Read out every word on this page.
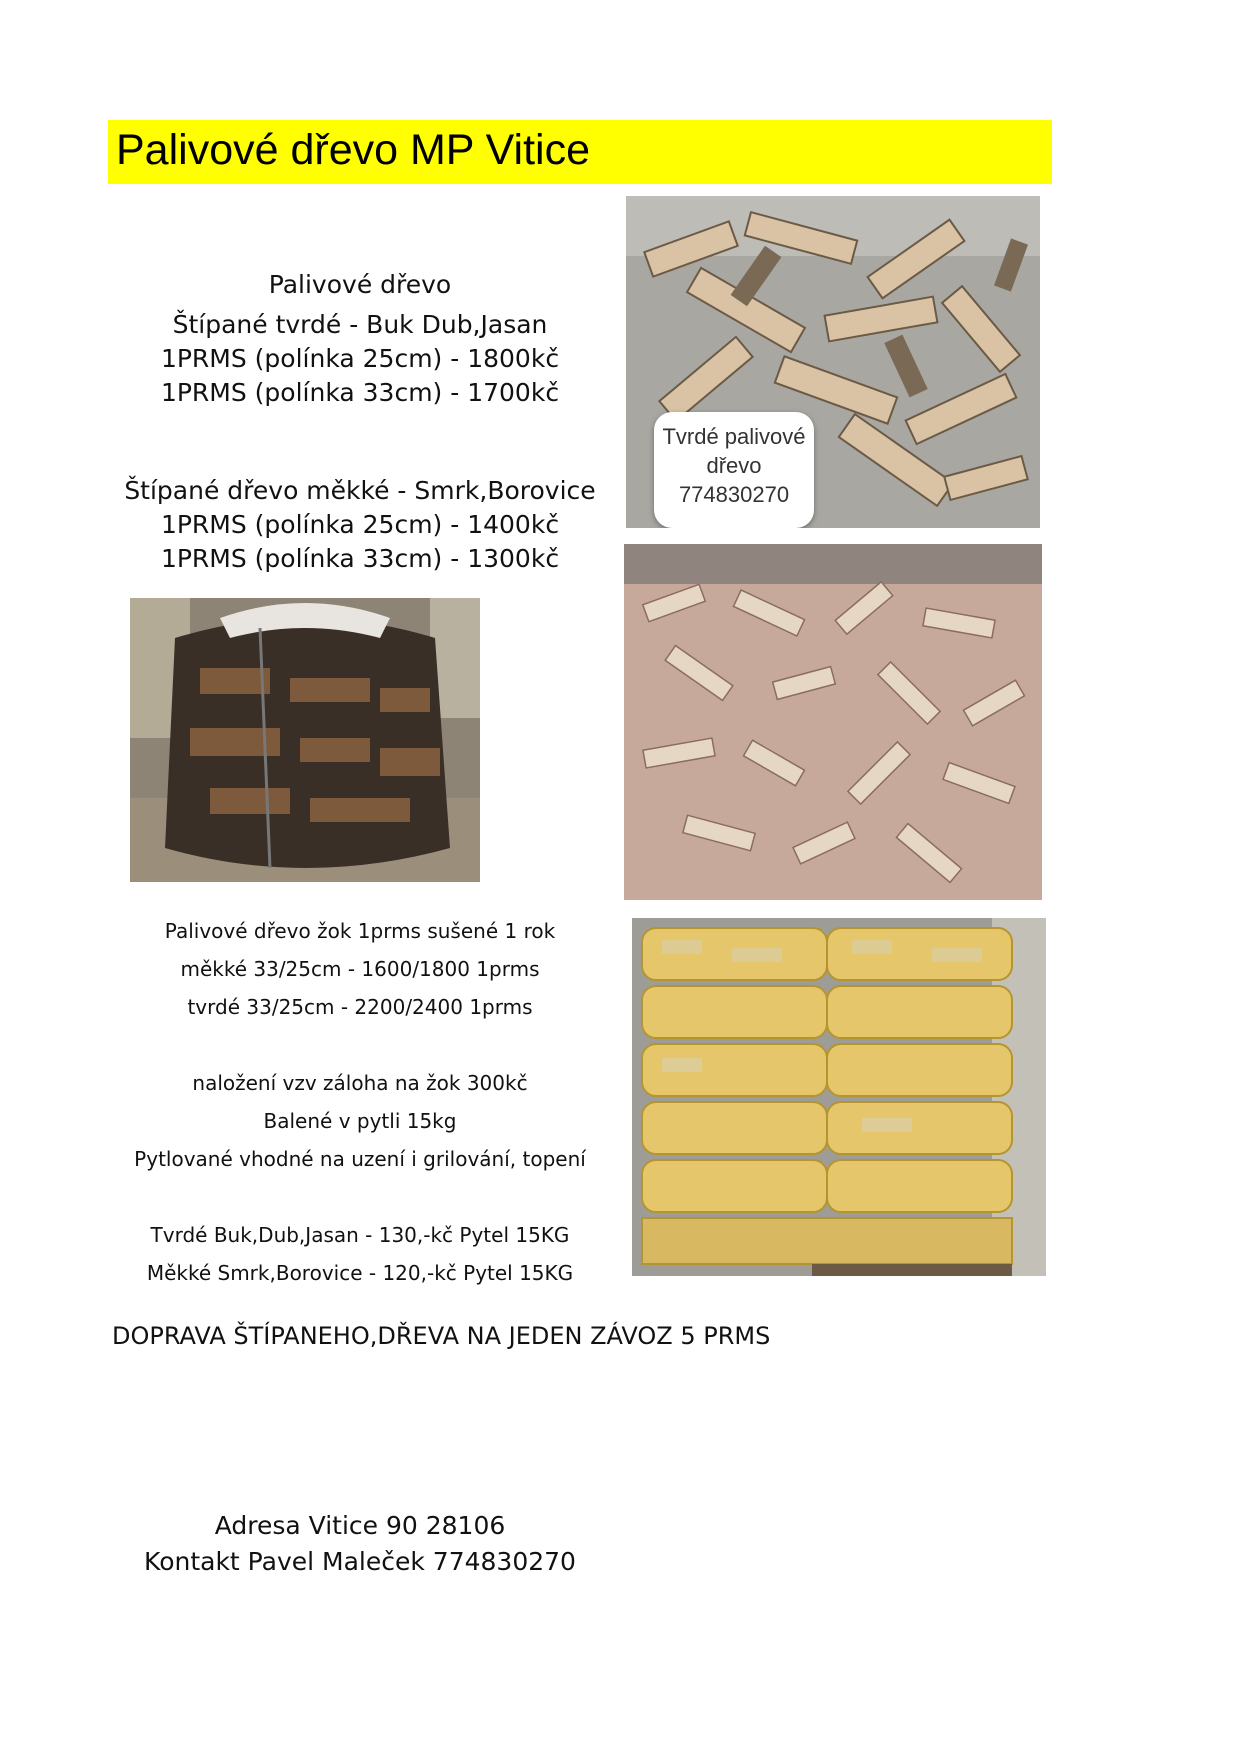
Palivové dřevo MP Vitice
Palivové dřevo
Štípané tvrdé - Buk Dub,Jasan
1PRMS (polínka 25cm) - 1800kč
1PRMS (polínka 33cm) - 1700kč
Štípané dřevo měkké - Smrk,Borovice
1PRMS (polínka 25cm) - 1400kč
1PRMS (polínka 33cm) - 1300kč
Tvrdé palivové
dřevo
774830270
Palivové dřevo žok 1prms sušené 1 rok
měkké 33/25cm - 1600/1800 1prms
tvrdé 33/25cm - 2200/2400 1prms
naložení vzv záloha na žok 300kč
Balené v pytli 15kg
Pytlované vhodné na uzení i grilování, topení
Tvrdé Buk,Dub,Jasan - 130,-kč Pytel 15KG
Měkké Smrk,Borovice - 120,-kč Pytel 15KG
DOPRAVA ŠTÍPANEHO,DŘEVA NA JEDEN ZÁVOZ 5 PRMS
Adresa Vitice 90 28106
Kontakt Pavel Maleček 774830270
